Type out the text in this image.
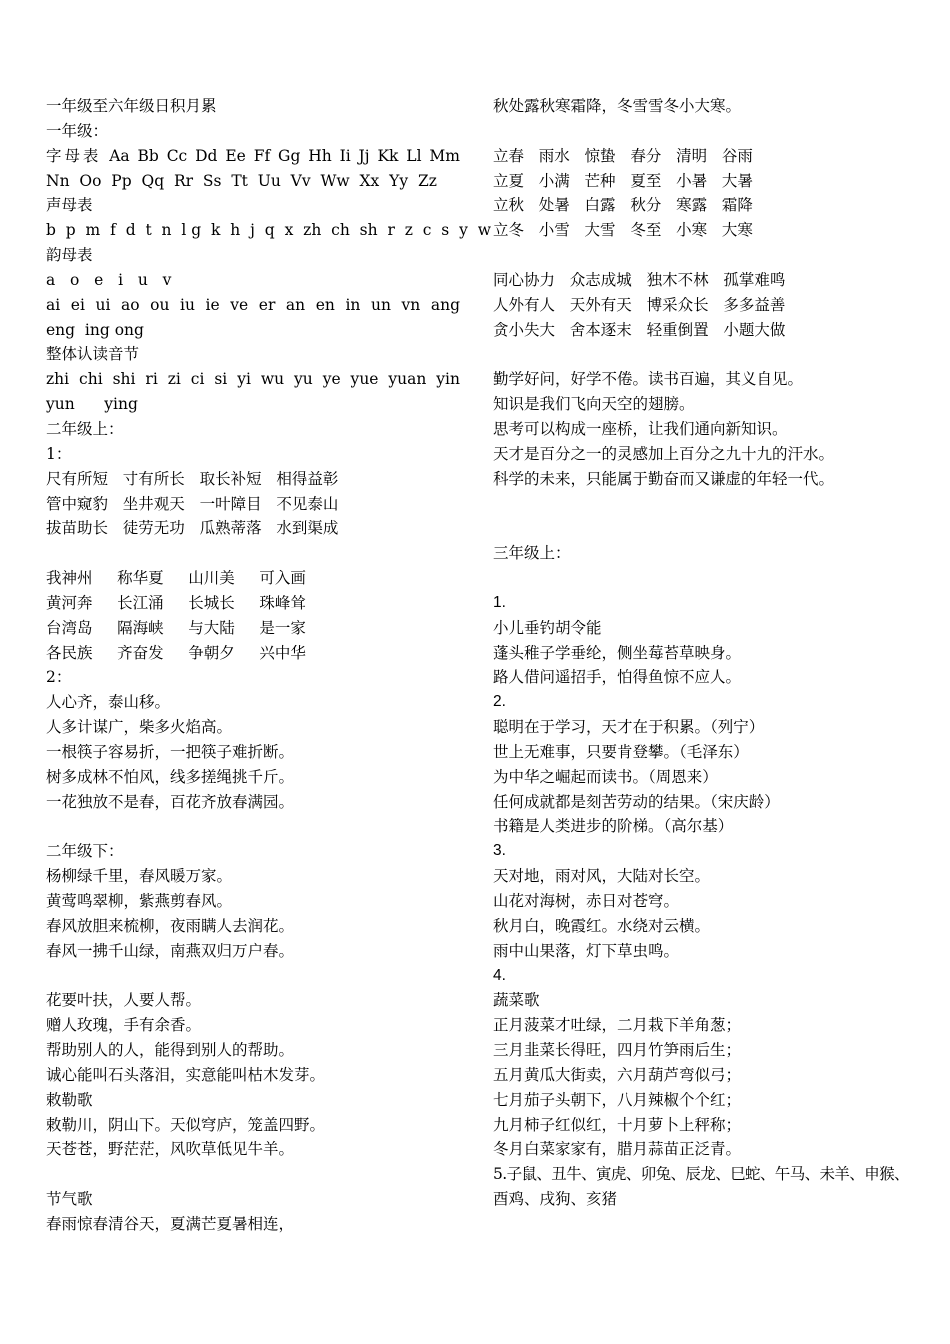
一年级至六年级日积月累
一年级：
字母表 Aa Bb Cc Dd Ee Ff Gg Hh Ii Jj Kk Ll Mm
Nn  Oo  Pp  Qq  Rr  Ss  Tt  Uu  Vv  Ww  Xx  Yy  Zz
声母表
b  p  m  f  d  t  n  l g  k  h  j  q  x  zh  ch  sh  r  z  c  s  y  w
韵母表
a   o   e   i   u   v
ai ei ui ao ou iu ie ve er an en in un vn ang
eng  ing ong
整体认读音节
zhi chi shi ri zi ci si yi wu yu ye yue yuan yin
yun      ying
二年级上：
1：
尺有所短   寸有所长   取长补短   相得益彰
管中窥豹   坐井观天   一叶障目   不见泰山
拔苗助长   徒劳无功   瓜熟蒂落   水到渠成
我神州     称华夏     山川美     可入画
黄河奔     长江涌     长城长     珠峰耸
台湾岛     隔海峡     与大陆     是一家
各民族     齐奋发     争朝夕     兴中华
2：
人心齐，泰山移。
人多计谋广，柴多火焰高。
一根筷子容易折，一把筷子难折断。
树多成林不怕风，线多搓绳挑千斤。
一花独放不是春，百花齐放春满园。
二年级下：
杨柳绿千里，春风暖万家。
黄莺鸣翠柳，紫燕剪春风。
春风放胆来梳柳，夜雨瞒人去润花。
春风一拂千山绿，南燕双归万户春。
花要叶扶，人要人帮。
赠人玫瑰，手有余香。
帮助别人的人，能得到别人的帮助。
诚心能叫石头落泪，实意能叫枯木发芽。
敕勒歌
敕勒川，阴山下。天似穹庐，笼盖四野。
天苍苍，野茫茫，风吹草低见牛羊。
节气歌
春雨惊春清谷天，夏满芒夏暑相连，
秋处露秋寒霜降，冬雪雪冬小大寒。
立春   雨水   惊蛰   春分   清明   谷雨
立夏   小满   芒种   夏至   小暑   大暑
立秋   处暑   白露   秋分   寒露   霜降
立冬   小雪   大雪   冬至   小寒   大寒
同心协力   众志成城   独木不林   孤掌难鸣
人外有人   天外有天   博采众长   多多益善
贪小失大   舍本逐末   轻重倒置   小题大做
勤学好问，好学不倦。读书百遍，其义自见。
知识是我们飞向天空的翅膀。
思考可以构成一座桥，让我们通向新知识。
天才是百分之一的灵感加上百分之九十九的汗水。
科学的未来，只能属于勤奋而又谦虚的年轻一代。
三年级上：
1.
小儿垂钓胡令能
蓬头稚子学垂纶，侧坐莓苔草映身。
路人借问遥招手，怕得鱼惊不应人。
2.
聪明在于学习，天才在于积累。（列宁）
世上无难事，只要肯登攀。（毛泽东）
为中华之崛起而读书。（周恩来）
任何成就都是刻苦劳动的结果。（宋庆龄）
书籍是人类进步的阶梯。（高尔基）
3.
天对地，雨对风，大陆对长空。
山花对海树，赤日对苍穹。
秋月白，晚霞红。水绕对云横。
雨中山果落，灯下草虫鸣。
4.
蔬菜歌
正月菠菜才吐绿，二月栽下羊角葱；
三月韭菜长得旺，四月竹笋雨后生；
五月黄瓜大街卖，六月葫芦弯似弓；
七月茄子头朝下，八月辣椒个个红；
九月柿子红似红，十月萝卜上秤称；
冬月白菜家家有，腊月蒜苗正泛青。
5.子鼠、丑牛、寅虎、卯兔、辰龙、巳蛇、午马、未羊、申猴、
酉鸡、戌狗、亥猪
